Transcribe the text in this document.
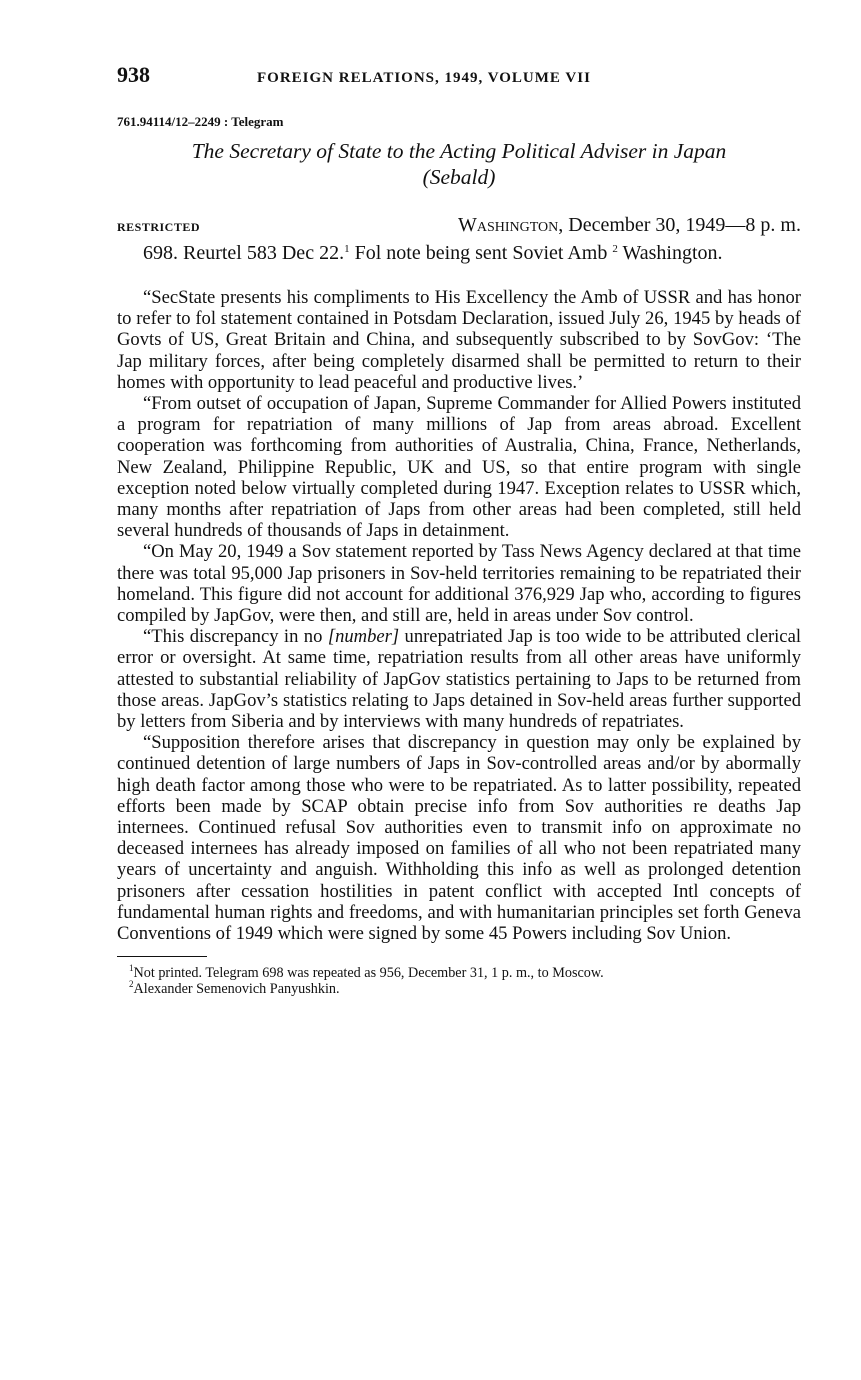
938	FOREIGN RELATIONS, 1949, VOLUME VII
761.94114/12–2249 : Telegram
The Secretary of State to the Acting Political Adviser in Japan
(Sebald)
RESTRICTED	Washington, December 30, 1949—8 p. m.

698. Reurtel 583 Dec 22.$^1$ Fol note being sent Soviet Amb $^2$ Washington.

“SecState presents his compliments to His Excellency the Amb of USSR and has honor to refer to fol statement contained in Potsdam Declaration, issued July 26, 1945 by heads of Govts of US, Great Britain and China, and subsequently subscribed to by SovGov: ‘The Jap military forces, after being completely disarmed shall be permitted to return to their homes with opportunity to lead peaceful and productive lives.’

“From outset of occupation of Japan, Supreme Commander for Allied Powers instituted a program for repatriation of many millions of Jap from areas abroad. Excellent cooperation was forthcoming from authorities of Australia, China, France, Netherlands, New Zealand, Philippine Republic, UK and US, so that entire program with single exception noted below virtually completed during 1947. Exception relates to USSR which, many months after repatriation of Japs from other areas had been completed, still held several hundreds of thousands of Japs in detainment.

“On May 20, 1949 a Sov statement reported by Tass News Agency declared at that time there was total 95,000 Jap prisoners in Sov-held territories remaining to be repatriated their homeland. This figure did not account for additional 376,929 Jap who, according to figures compiled by JapGov, were then, and still are, held in areas under Sov control.

“This discrepancy in no [number] unrepatriated Jap is too wide to be attributed clerical error or oversight. At same time, repatriation results from all other areas have uniformly attested to substantial reliability of JapGov statistics pertaining to Japs to be returned from those areas. JapGov’s statistics relating to Japs detained in Sov-held areas further supported by letters from Siberia and by interviews with many hundreds of repatriates.

“Supposition therefore arises that discrepancy in question may only be explained by continued detention of large numbers of Japs in Sov-controlled areas and/or by abormally high death factor among those who were to be repatriated. As to latter possibility, repeated efforts been made by SCAP obtain precise info from Sov authorities re deaths Jap internees. Continued refusal Sov authorities even to transmit info on approximate no deceased internees has already imposed on families of all who not been repatriated many years of uncertainty and anguish. Withholding this info as well as prolonged detention prisoners after cessation hostilities in patent conflict with accepted Intl concepts of fundamental human rights and freedoms, and with humanitarian principles set forth Geneva Conventions of 1949 which were signed by some 45 Powers including Sov Union.

$^1$Not printed. Telegram 698 was repeated as 956, December 31, 1 p. m., to Moscow.

$^2$Alexander Semenovich Panyushkin.
